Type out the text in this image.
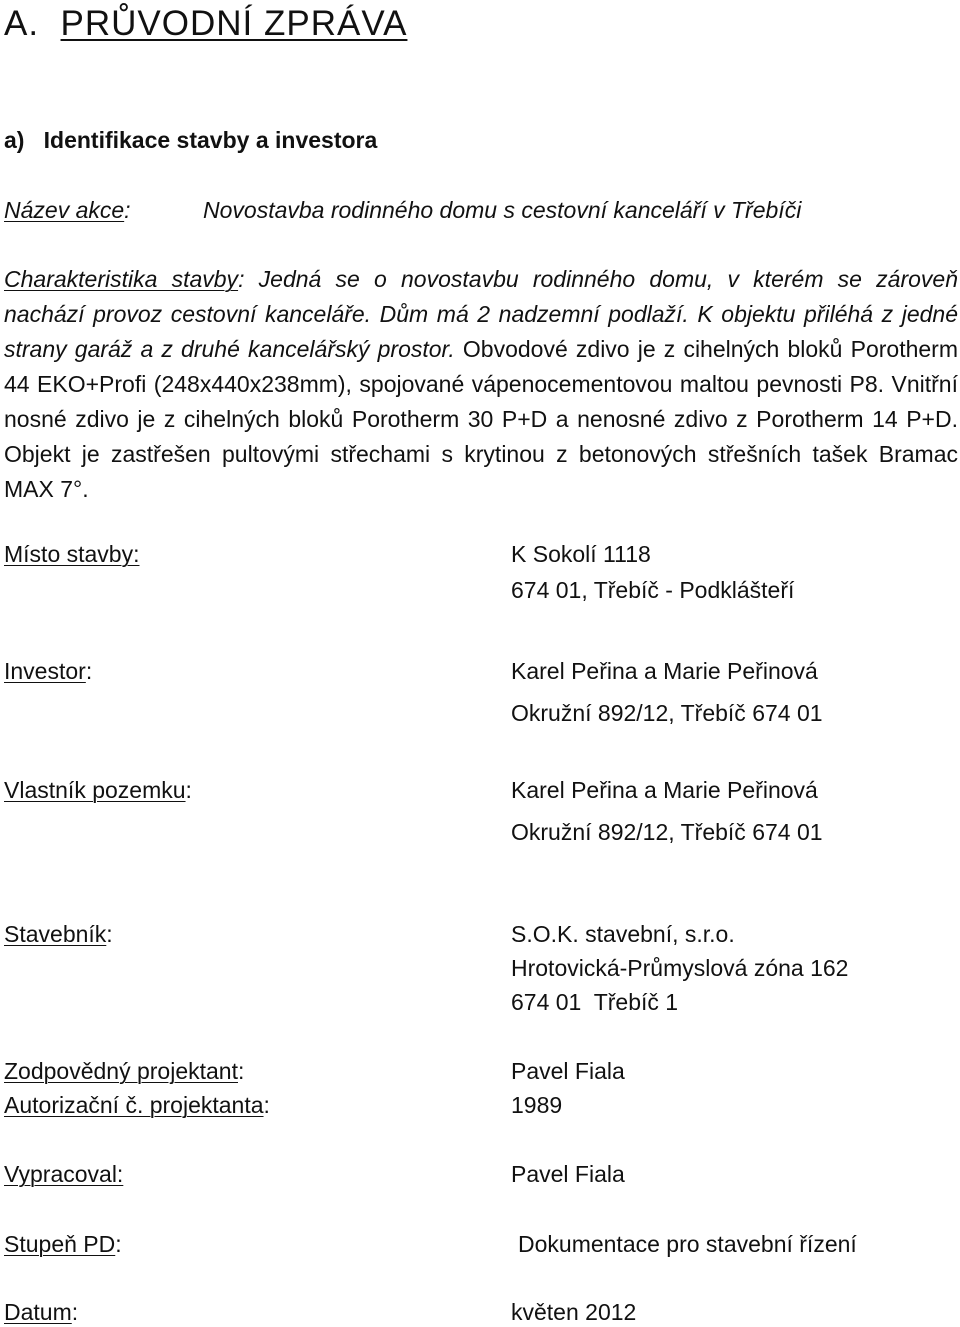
A. PRŮVODNÍ ZPRÁVA
a) Identifikace stavby a investora
Název akce:	Novostavba rodinného domu s cestovní kanceláří v Třebíči
Charakteristika stavby: Jedná se o novostavbu rodinného domu, v kterém se zároveň nachází provoz cestovní kanceláře. Dům má 2 nadzemní podlaží. K objektu přiléhá z jedné strany garáž a z druhé kancelářský prostor. Obvodové zdivo je z cihelných bloků Porotherm 44 EKO+Profi (248x440x238mm), spojované vápenocementovou maltou pevnosti P8. Vnitřní nosné zdivo je z cihelných bloků Porotherm 30 P+D a nenosné zdivo z Porotherm 14 P+D. Objekt je zastřešen pultovými střechami s krytinou z betonových střešních tašek Bramac MAX 7°.
Místo stavby:	K Sokolí 1118
674 01, Třebíč - Podklášteří
Investor:	Karel Peřina a Marie Peřinová
Okružní 892/12, Třebíč 674 01
Vlastník pozemku:	Karel Peřina a Marie Peřinová
Okružní 892/12, Třebíč 674 01
Stavebník:	S.O.K. stavební, s.r.o.
Hrotovická-Průmyslová zóna 162
674 01  Třebíč 1
Zodpovědný projektant:	Pavel Fiala
Autorizační č. projektanta:	1989
Vypracoval:	Pavel Fiala
Stupeň PD:	Dokumentace pro stavební řízení
Datum:	květen 2012
